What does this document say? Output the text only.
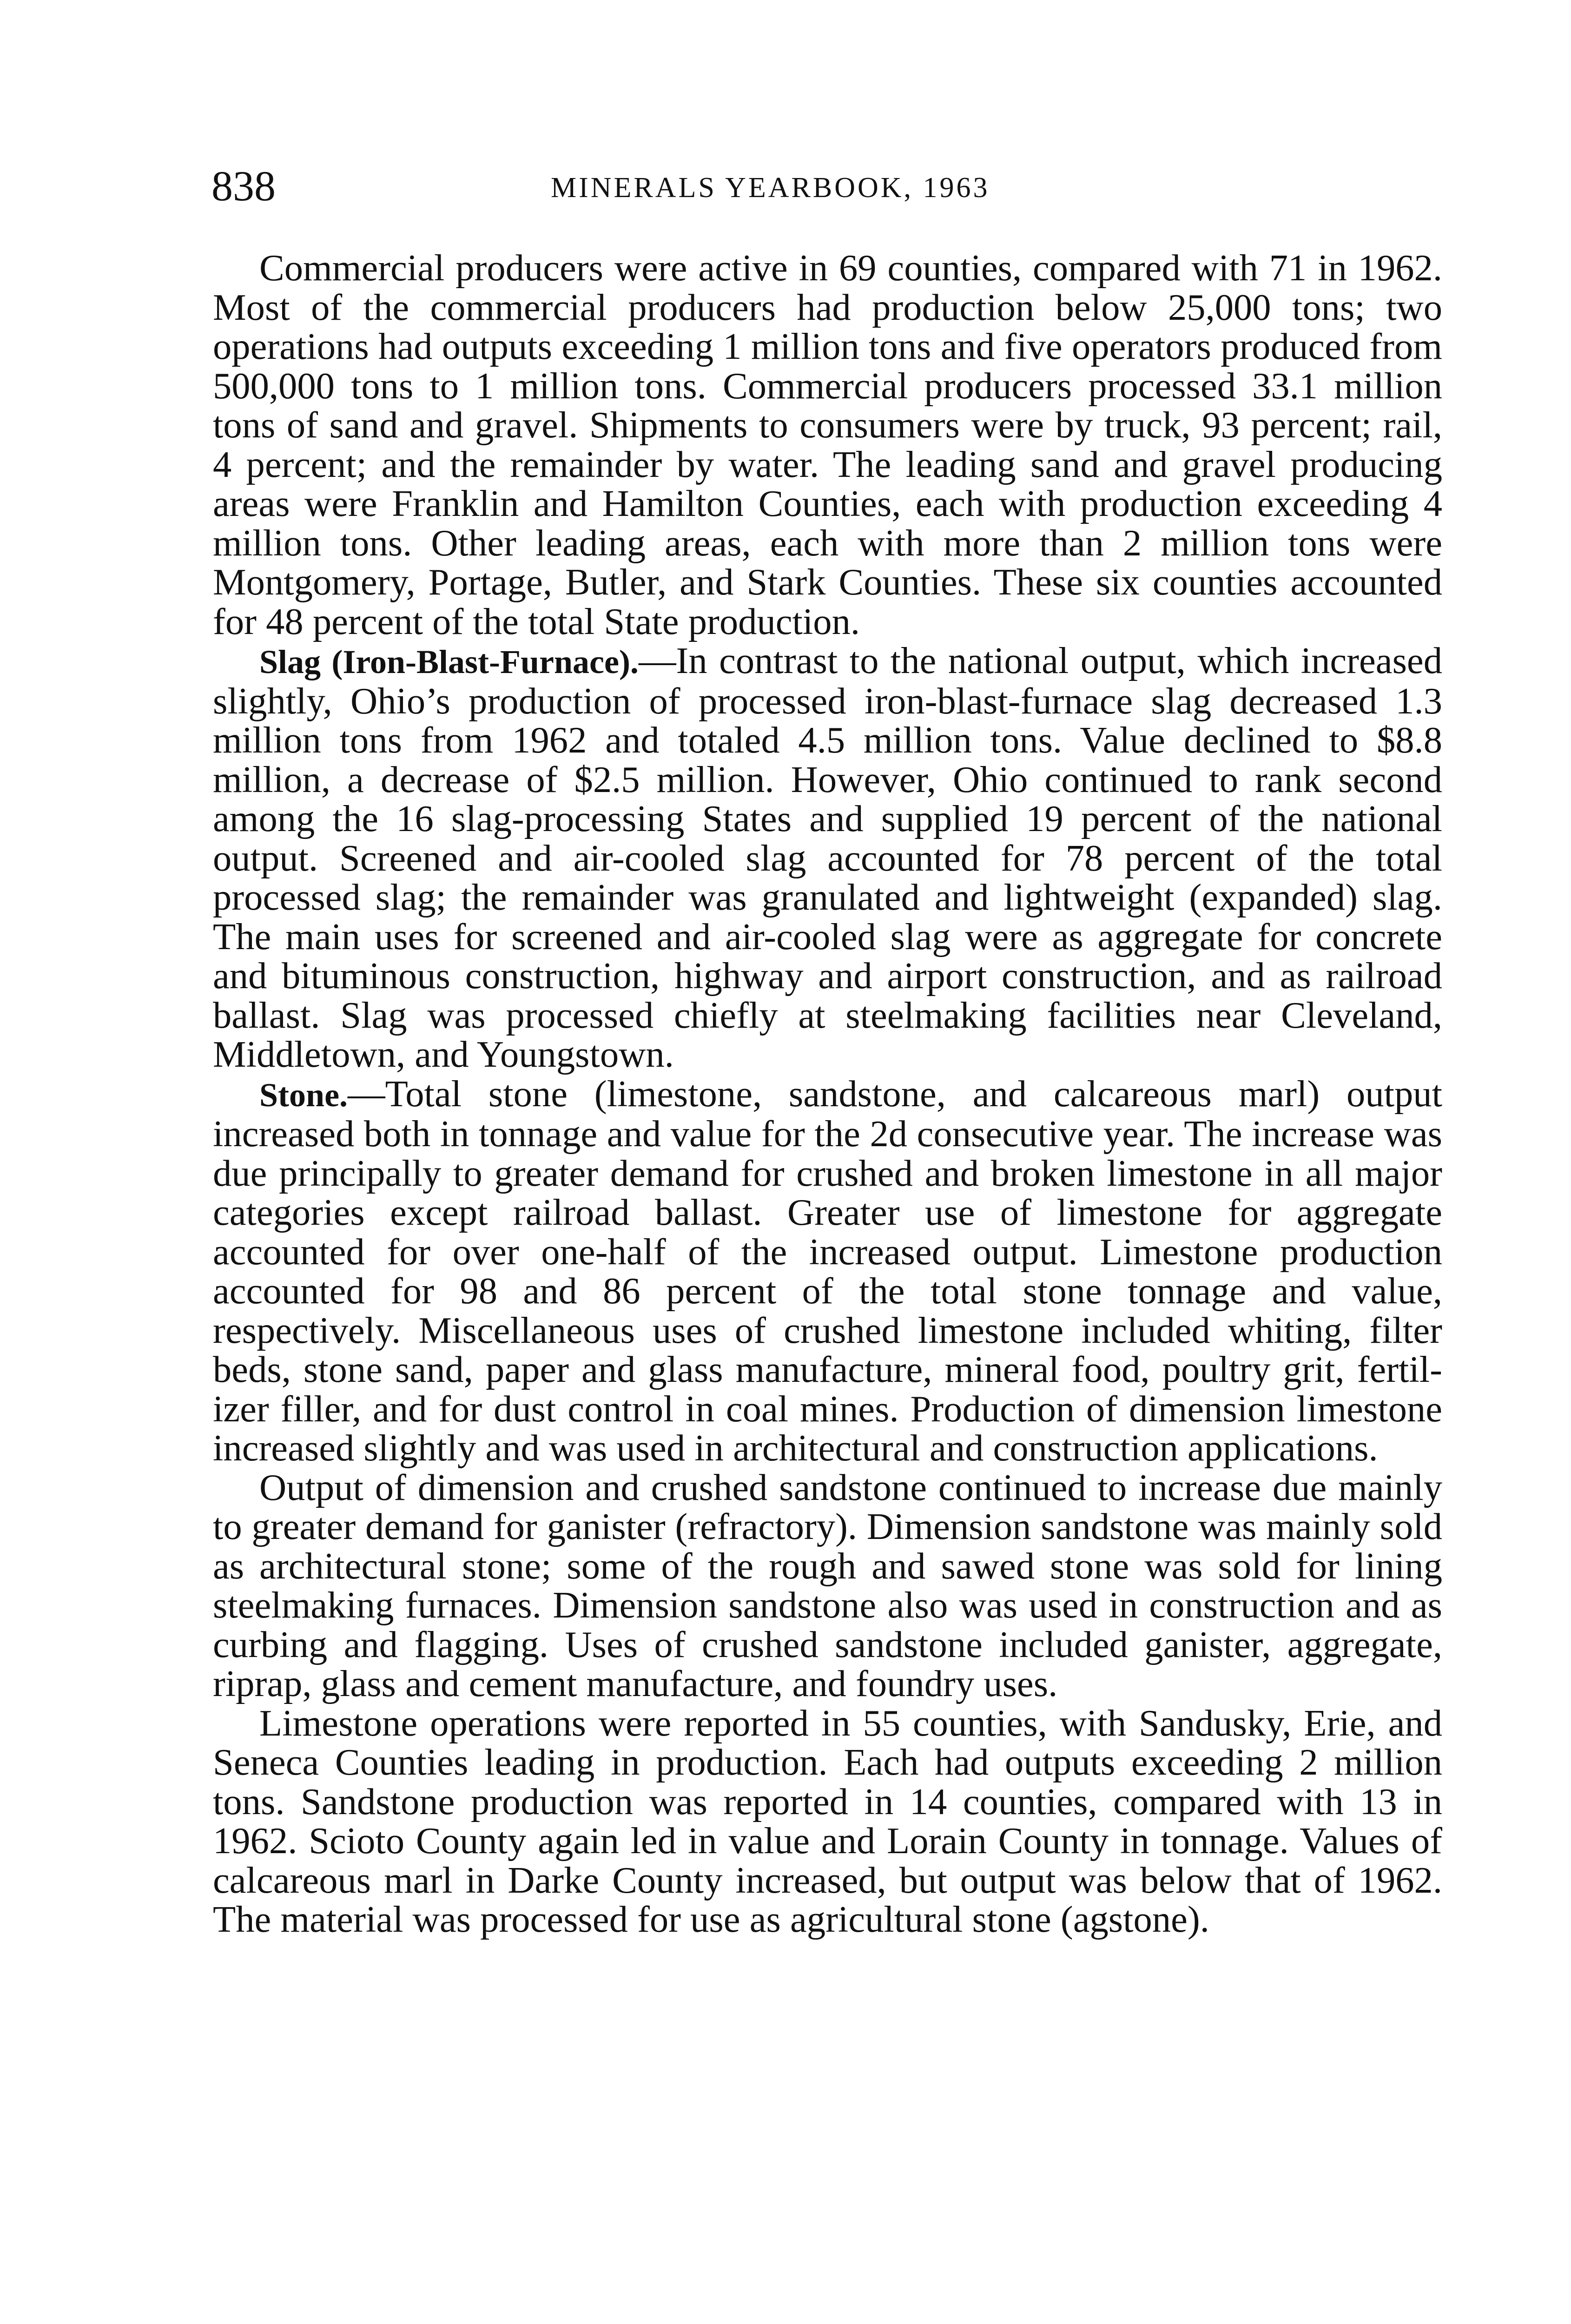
838	MINERALS YEARBOOK, 1963

Commercial producers were active in 69 counties, compared with 71 in 1962. Most of the commercial producers had production below 25,000 tons; two operations had outputs exceeding 1 million tons and five operators produced from 500,000 tons to 1 million tons. Commercial producers processed 33.1 million tons of sand and gravel. Shipments to consumers were by truck, 93 percent; rail, 4 percent; and the remainder by water. The leading sand and gravel producing areas were Franklin and Hamilton Counties, each with production exceeding 4 million tons. Other leading areas, each with more than 2 million tons were Montgomery, Portage, Butler, and Stark Counties. These six counties accounted for 48 percent of the total State production.

Slag (Iron-Blast-Furnace).—In contrast to the national output, which increased slightly, Ohio’s production of processed iron-blast-furnace slag decreased 1.3 million tons from 1962 and totaled 4.5 million tons. Value declined to $8.8 million, a decrease of $2.5 million. However, Ohio continued to rank second among the 16 slag-processing States and supplied 19 percent of the national output. Screened and air-cooled slag accounted for 78 percent of the total processed slag; the remainder was granulated and lightweight (expanded) slag. The main uses for screened and air-cooled slag were as aggregate for concrete and bituminous construction, highway and airport construction, and as railroad ballast. Slag was processed chiefly at steelmaking facilities near Cleveland, Middletown, and Youngstown.

Stone.—Total stone (limestone, sandstone, and calcareous marl) output increased both in tonnage and value for the 2d consecutive year. The increase was due principally to greater demand for crushed and broken limestone in all major categories except railroad ballast. Greater use of limestone for aggregate accounted for over one-half of the increased output. Limestone production accounted for 98 and 86 percent of the total stone tonnage and value, respectively. Miscellaneous uses of crushed limestone included whiting, filter beds, stone sand, paper and glass manufacture, mineral food, poultry grit, fertilizer filler, and for dust control in coal mines. Production of dimension limestone increased slightly and was used in architectural and construction applications.

Output of dimension and crushed sandstone continued to increase due mainly to greater demand for ganister (refractory). Dimension sandstone was mainly sold as architectural stone; some of the rough and sawed stone was sold for lining steelmaking furnaces. Dimension sandstone also was used in construction and as curbing and flagging. Uses of crushed sandstone included ganister, aggregate, riprap, glass and cement manufacture, and foundry uses.

Limestone operations were reported in 55 counties, with Sandusky, Erie, and Seneca Counties leading in production. Each had outputs exceeding 2 million tons. Sandstone production was reported in 14 counties, compared with 13 in 1962. Scioto County again led in value and Lorain County in tonnage. Values of calcareous marl in Darke County increased, but output was below that of 1962. The material was processed for use as agricultural stone (agstone).
